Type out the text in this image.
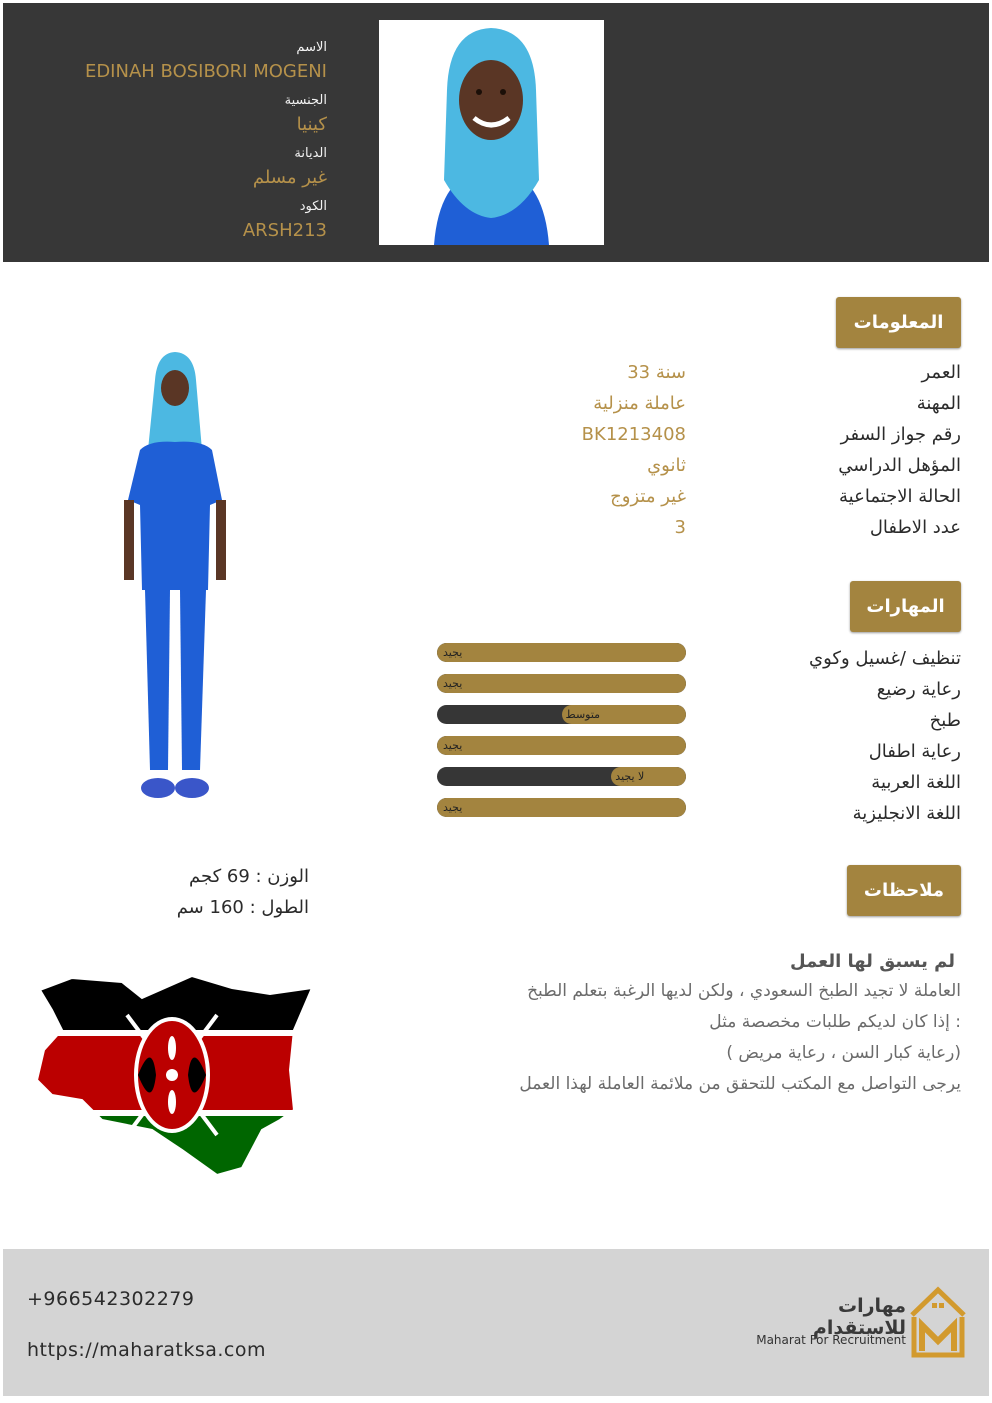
الاسم
EDINAH BOSIBORI MOGENI
الجنسية
كينيا
الديانة
غير مسلم
الكود
ARSH213
المعلومات
العمر
33 سنة
المهنة
عاملة منزلية
رقم جواز السفر
BK1213408
المؤهل الدراسي
ثانوي
الحالة الاجتماعية
غير متزوج
عدد الاطفال
3
المهارات
تنظيف /غسيل وكوي
يجيد
رعاية رضيع
يجيد
طبخ
متوسط
رعاية اطفال
يجيد
اللغة العربية
لا يجيد
اللغة الانجليزية
يجيد
الوزن : 69 كجم
الطول : 160 سم
ملاحظات
لم يسبق لها العمل
العاملة لا تجيد الطبخ السعودي ، ولكن لديها الرغبة بتعلم الطبخ
إذا كان لديكم طلبات مخصصة مثل :
( رعاية كبار السن ، رعاية مريض)
يرجى التواصل مع المكتب للتحقق من ملائمة العاملة لهذا العمل
+966542302279
https://maharatksa.com
مهارات للاستقدام
Maharat For Recruitment
